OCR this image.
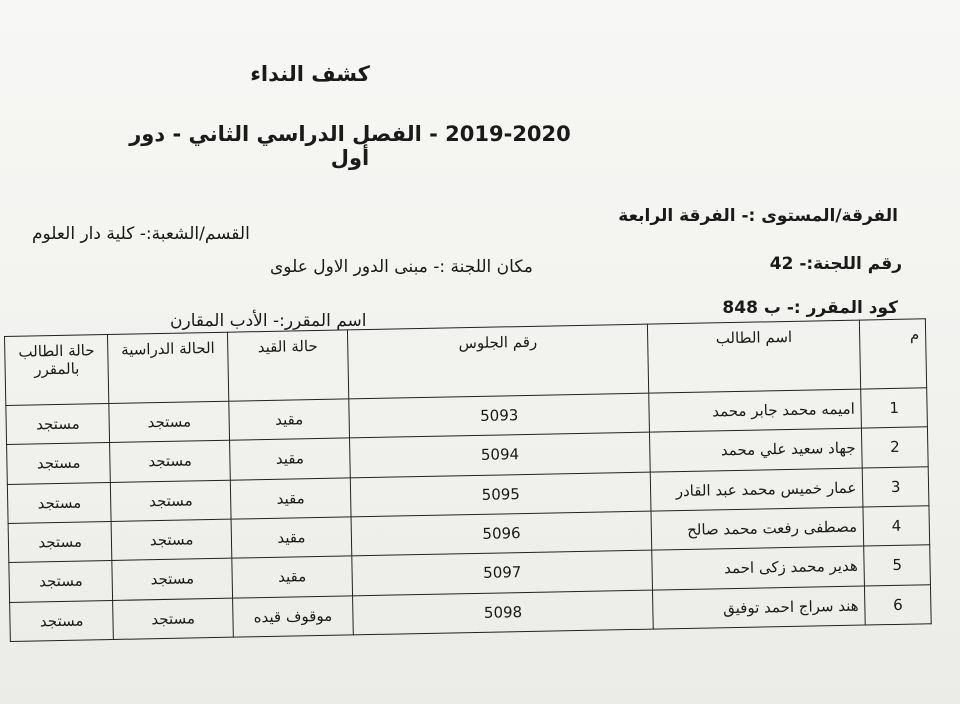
كشف النداء
2019-2020 - الفصل الدراسي الثاني - دور أول
الفرقة/المستوى :- الفرقة الرابعة
القسم/الشعبة:- كلية دار العلوم
رقم اللجنة:- 42
مكان اللجنة :- مبنى الدور الاول علوى
كود المقرر :- ب 848
اسم المقرر:- الأدب المقارن
م	اسم الطالب	رقم الجلوس	حالة القيد	الحالة الدراسية	حالة الطالب بالمقرر
1	اميمه محمد جابر محمد	5093	مقيد	مستجد	مستجد
2	جهاد سعيد علي محمد	5094	مقيد	مستجد	مستجد
3	عمار خميس محمد عبد القادر	5095	مقيد	مستجد	مستجد
4	مصطفى رفعت محمد صالح	5096	مقيد	مستجد	مستجد
5	هدير محمد زكى احمد	5097	مقيد	مستجد	مستجد
6	هند سراج احمد توفيق	5098	موقوف قيده	مستجد	مستجد
